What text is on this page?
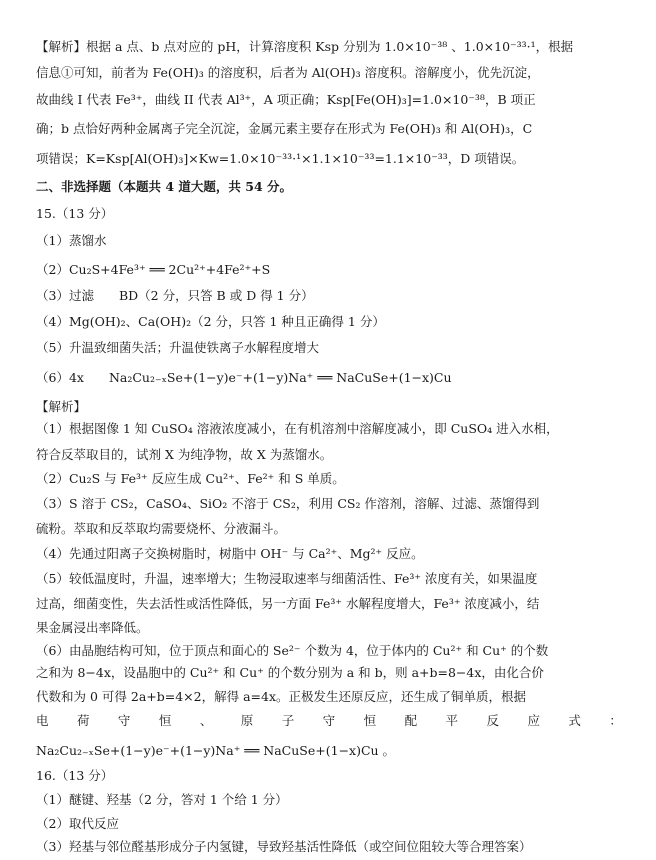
【解析】根据 a 点、b 点对应的 pH，计算溶度积 Ksp 分别为 1.0×10⁻³⁸ 、1.0×10⁻³³·¹，根据
信息①可知，前者为 Fe(OH)₃ 的溶度积，后者为 Al(OH)₃ 溶度积。溶解度小，优先沉淀，
故曲线 I 代表 Fe³⁺，曲线 II 代表 Al³⁺，A 项正确；Ksp[Fe(OH)₃]=1.0×10⁻³⁸，B 项正
确；b 点恰好两种金属离子完全沉淀，金属元素主要存在形式为 Fe(OH)₃ 和 Al(OH)₃，C
项错误；K=Ksp[Al(OH)₃]×Kw=1.0×10⁻³³·¹×1.1×10⁻³³=1.1×10⁻³³，D 项错误。
二、非选择题（本题共 4 道大题，共 54 分。
15.（13 分）
（1）蒸馏水
（2）Cu₂S+4Fe³⁺ ══ 2Cu²⁺+4Fe²⁺+S
（3）过滤　　BD（2 分，只答 B 或 D 得 1 分）
（4）Mg(OH)₂、Ca(OH)₂（2 分，只答 1 种且正确得 1 分）
（5）升温致细菌失活；升温使铁离子水解程度增大
（6）4x　　Na₂Cu₂₋ₓSe+(1−y)e⁻+(1−y)Na⁺ ══ NaCuSe+(1−x)Cu
【解析】
（1）根据图像 1 知 CuSO₄ 溶液浓度减小，在有机溶剂中溶解度减小，即 CuSO₄ 进入水相，
符合反萃取目的，试剂 X 为纯净物，故 X 为蒸馏水。
（2）Cu₂S 与 Fe³⁺ 反应生成 Cu²⁺、Fe²⁺ 和 S 单质。
（3）S 溶于 CS₂，CaSO₄、SiO₂ 不溶于 CS₂，利用 CS₂ 作溶剂，溶解、过滤、蒸馏得到
硫粉。萃取和反萃取均需要烧杯、分液漏斗。
（4）先通过阳离子交换树脂时，树脂中 OH⁻ 与 Ca²⁺、Mg²⁺ 反应。
（5）较低温度时，升温，速率增大；生物浸取速率与细菌活性、Fe³⁺ 浓度有关，如果温度
过高，细菌变性，失去活性或活性降低，另一方面 Fe³⁺ 水解程度增大，Fe³⁺ 浓度减小，结
果金属浸出率降低。
（6）由晶胞结构可知，位于顶点和面心的 Se²⁻ 个数为 4，位于体内的 Cu²⁺ 和 Cu⁺ 的个数
之和为 8−4x，设晶胞中的 Cu²⁺ 和 Cu⁺ 的个数分别为 a 和 b，则 a+b=8−4x，由化合价
代数和为 0 可得 2a+b=4×2，解得 a=4x。正极发生还原反应，还生成了铜单质，根据
电 荷 守 恒 、 原 子 守 恒 配 平 反 应 式 ：
Na₂Cu₂₋ₓSe+(1−y)e⁻+(1−y)Na⁺ ══ NaCuSe+(1−x)Cu 。
16.（13 分）
（1）醚键、羟基（2 分，答对 1 个给 1 分）
（2）取代反应
（3）羟基与邻位醛基形成分子内氢键，导致羟基活性降低（或空间位阻较大等合理答案）
